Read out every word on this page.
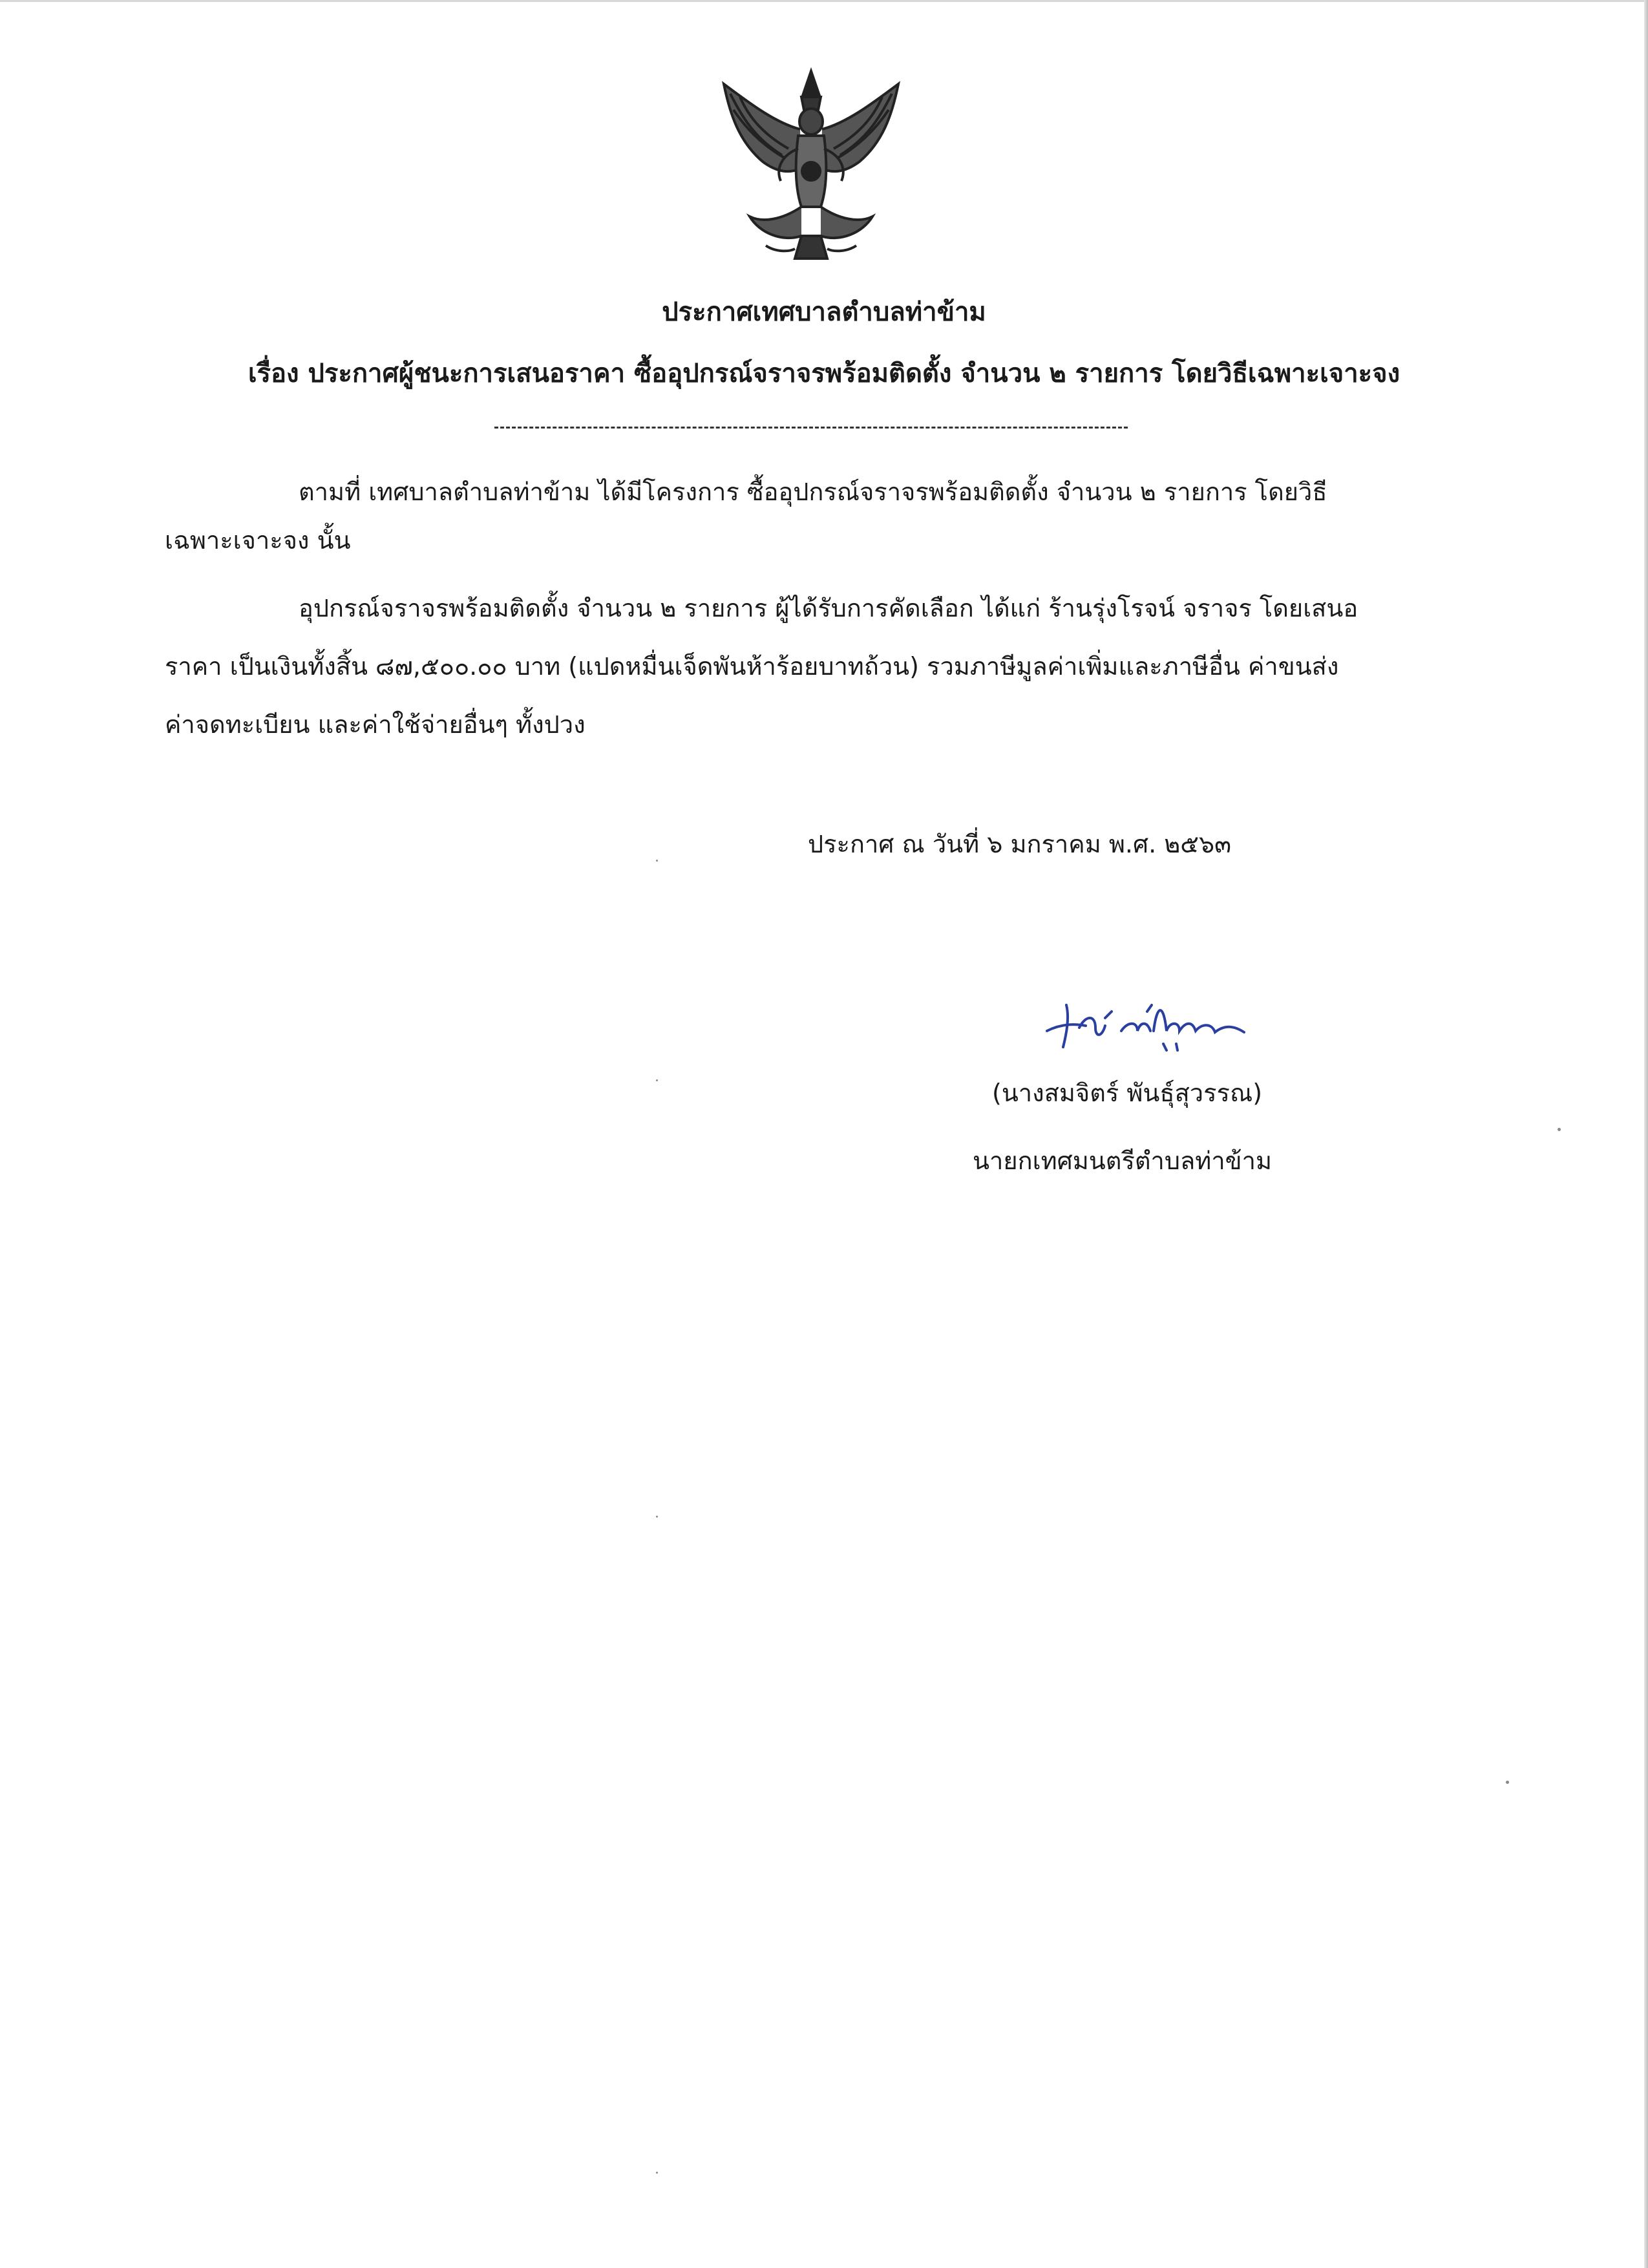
ประกาศเทศบาลตำบลท่าข้าม
เรื่อง ประกาศผู้ชนะการเสนอราคา ซื้ออุปกรณ์จราจรพร้อมติดตั้ง จำนวน ๒ รายการ โดยวิธีเฉพาะเจาะจง
ตามที่ เทศบาลตำบลท่าข้าม ได้มีโครงการ ซื้ออุปกรณ์จราจรพร้อมติดตั้ง จำนวน ๒ รายการ โดยวิธี
เฉพาะเจาะจง นั้น
อุปกรณ์จราจรพร้อมติดตั้ง จำนวน ๒ รายการ ผู้ได้รับการคัดเลือก ได้แก่ ร้านรุ่งโรจน์ จราจร โดยเสนอ
ราคา เป็นเงินทั้งสิ้น ๘๗,๕๐๐.๐๐ บาท (แปดหมื่นเจ็ดพันห้าร้อยบาทถ้วน) รวมภาษีมูลค่าเพิ่มและภาษีอื่น ค่าขนส่ง
ค่าจดทะเบียน และค่าใช้จ่ายอื่นๆ ทั้งปวง
ประกาศ ณ วันที่ ๖ มกราคม พ.ศ. ๒๕๖๓
(นางสมจิตร์ พันธุ์สุวรรณ)
นายกเทศมนตรีตำบลท่าข้าม
